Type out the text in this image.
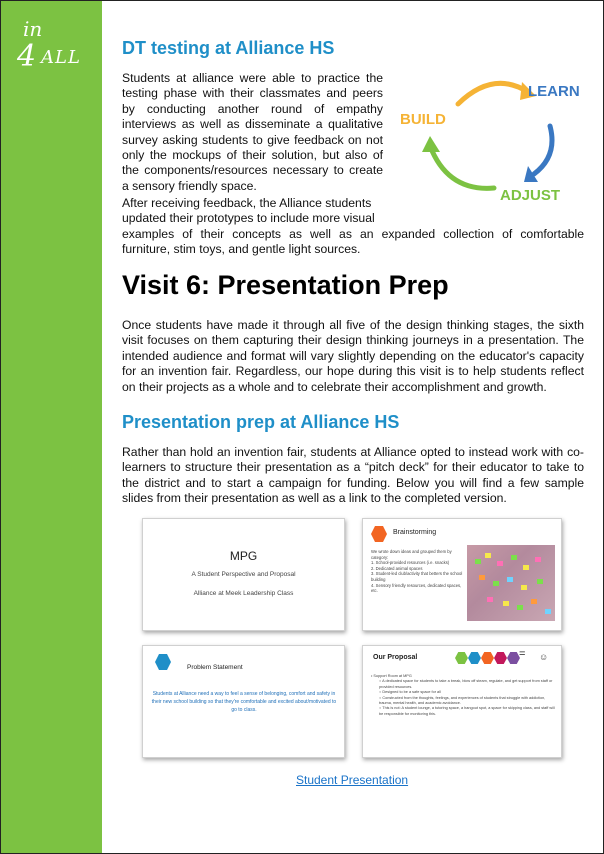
in
4 ALL DT testing at Alliance HS

Students at alliance were able to practice the testing phase with their classmates and peers by conducting another round of empathy interviews as well as disseminate a qualitative survey asking students to give feedback on not only the mockups of their solution, but also of the components/resources necessary to create a sensory friendly space.

BUILD
LEARN
ADJUST
After receiving feedback, the Alliance students updated their prototypes to include more visual
examples of their concepts as well as an expanded collection of comfortable furniture, stim toys, and gentle light sources.
Visit 6: Presentation Prep

Once students have made it through all five of the design thinking stages, the sixth visit focuses on them capturing their design thinking journeys in a presentation. The intended audience and format will vary slightly depending on the educator's capacity for an invention fair. Regardless, our hope during this visit is to help students reflect on their projects as a whole and to celebrate their accomplishment and growth.

Presentation prep at Alliance HS

Rather than hold an invention fair, students at Alliance opted to instead work with co-learners to structure their presentation as a “pitch deck” for their educator to take to the district and to start a campaign for funding. Below you will find a few sample slides from their presentation as well as a link to the completed version.

MPG
A Student Perspective and Proposal
Alliance at Meek Leadership Class
Brainstorming
We wrote down ideas and grouped them by category:
1. School-provided resources (i.e. snacks)
2. Dedicated animal spaces
3. Student-led club/activity that betters the school building
4. Sensory friendly resources, dedicated spaces, etc.
Problem Statement
Students at Alliance need a way to feel a sense of belonging, comfort and safety in their new school building so that they're comfortable and excited about/motivated to go to class.
Our Proposal	= ☺
• Support Room at MPG
○ A dedicated space for students to take a break, blow off steam, regulate, and get support from staff or provided resources.
○ Designed to be a safe space for all
○ Constructed from the thoughts, feelings, and experiences of students that struggle with addiction, trauma, mental health, and academic avoidance.
○ This is not: A student lounge, a tutoring space, a hangout spot, a space for skipping class, and staff will be responsible for monitoring this.
Student Presentation
